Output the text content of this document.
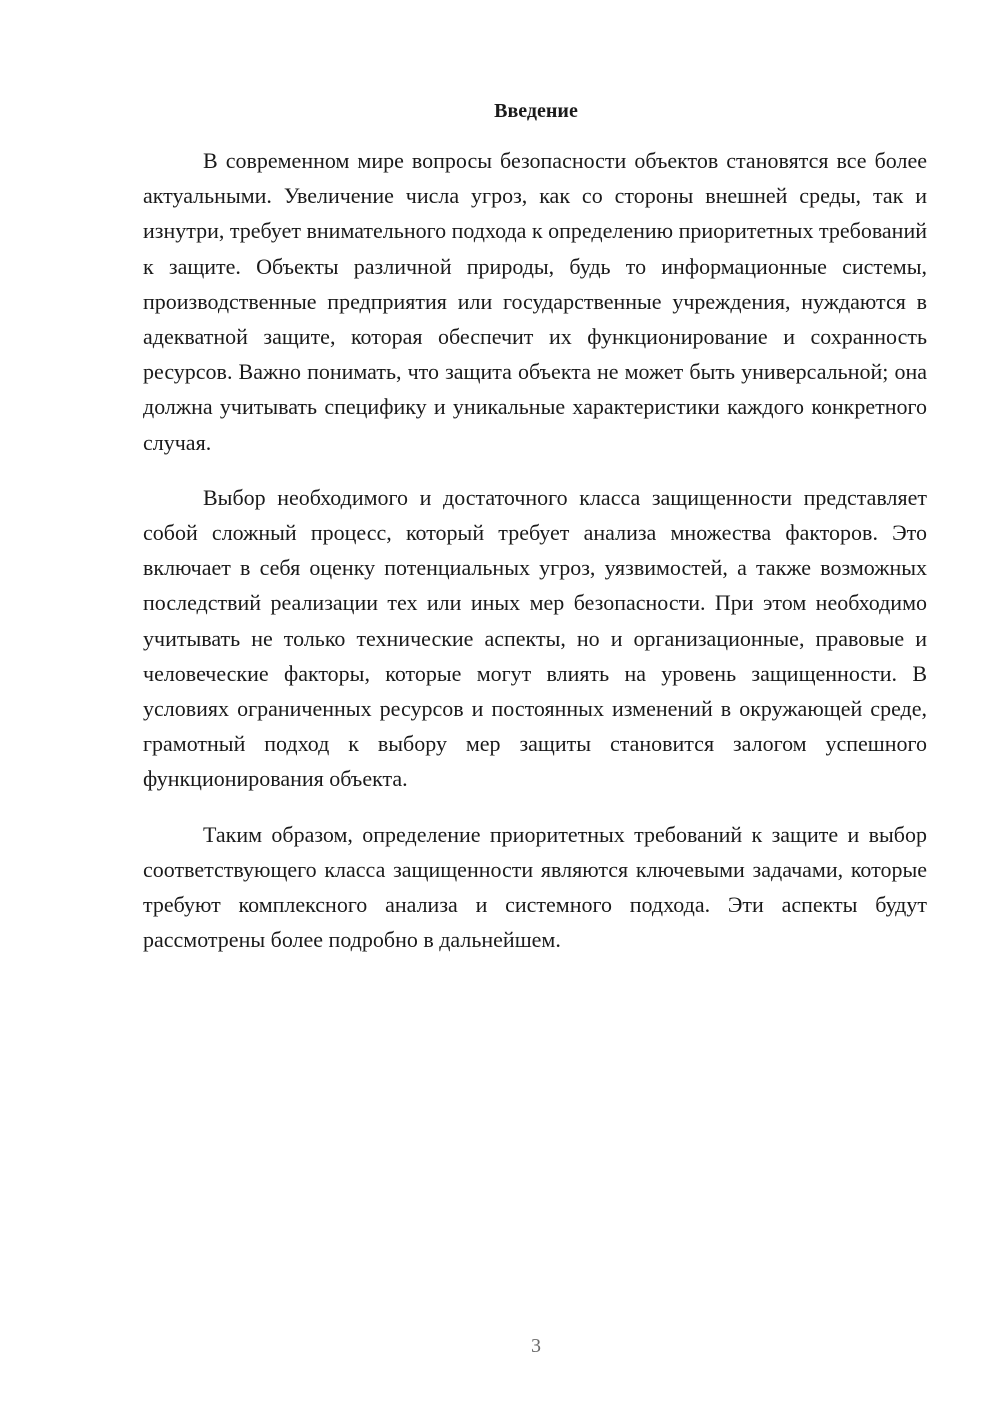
Введение

В современном мире вопросы безопасности объектов становятся все более актуальными. Увеличение числа угроз, как со стороны внешней среды, так и изнутри, требует внимательного подхода к определению приоритетных требований к защите. Объекты различной природы, будь то информационные системы, производственные предприятия или государственные учреждения, нуждаются в адекватной защите, которая обеспечит их функционирование и сохранность ресурсов. Важно понимать, что защита объекта не может быть универсальной; она должна учитывать специфику и уникальные характеристики каждого конкретного случая.

Выбор необходимого и достаточного класса защищенности представляет собой сложный процесс, который требует анализа множества факторов. Это включает в себя оценку потенциальных угроз, уязвимостей, а также возможных последствий реализации тех или иных мер безопасности. При этом необходимо учитывать не только технические аспекты, но и организационные, правовые и человеческие факторы, которые могут влиять на уровень защищенности. В условиях ограниченных ресурсов и постоянных изменений в окружающей среде, грамотный подход к выбору мер защиты становится залогом успешного функционирования объекта.

Таким образом, определение приоритетных требований к защите и выбор соответствующего класса защищенности являются ключевыми задачами, которые требуют комплексного анализа и системного подхода. Эти аспекты будут рассмотрены более подробно в дальнейшем.

3
